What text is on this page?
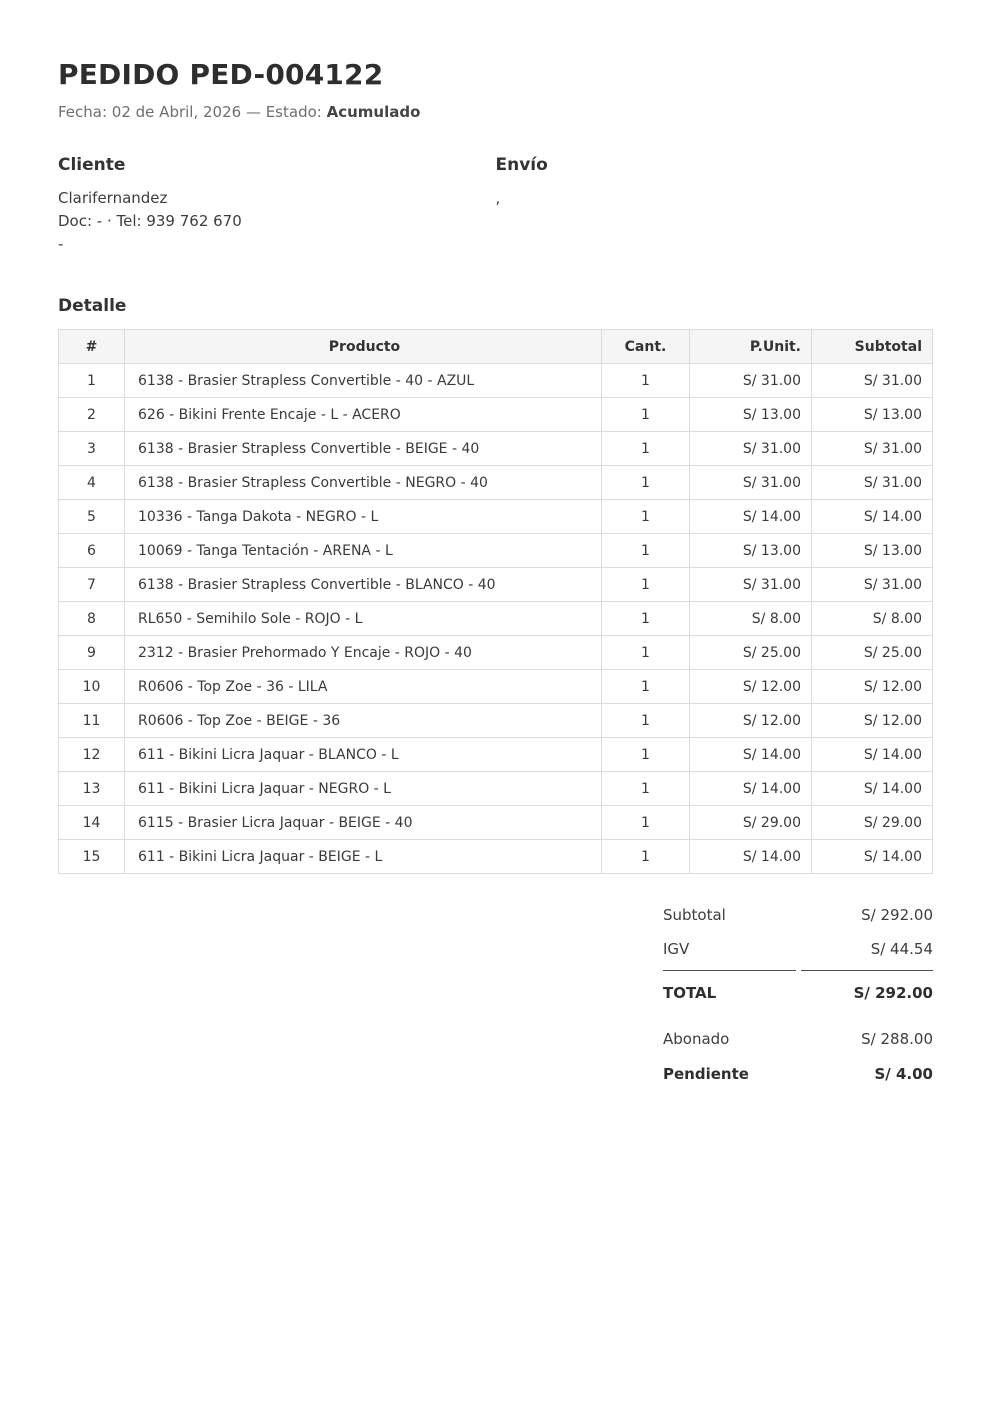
PEDIDO PED-004122
Fecha: 02 de Abril, 2026 — Estado: Acumulado
Cliente
Clarifernandez
Doc: - · Tel: 939 762 670
-
Envío
,
Detalle
#	Producto	Cant.	P.Unit.	Subtotal
1	6138 - Brasier Strapless Convertible - 40 - AZUL	1	S/ 31.00	S/ 31.00
2	626 - Bikini Frente Encaje - L - ACERO	1	S/ 13.00	S/ 13.00
3	6138 - Brasier Strapless Convertible - BEIGE - 40	1	S/ 31.00	S/ 31.00
4	6138 - Brasier Strapless Convertible - NEGRO - 40	1	S/ 31.00	S/ 31.00
5	10336 - Tanga Dakota - NEGRO - L	1	S/ 14.00	S/ 14.00
6	10069 - Tanga Tentación - ARENA - L	1	S/ 13.00	S/ 13.00
7	6138 - Brasier Strapless Convertible - BLANCO - 40	1	S/ 31.00	S/ 31.00
8	RL650 - Semihilo Sole - ROJO - L	1	S/ 8.00	S/ 8.00
9	2312 - Brasier Prehormado Y Encaje - ROJO - 40	1	S/ 25.00	S/ 25.00
10	R0606 - Top Zoe - 36 - LILA	1	S/ 12.00	S/ 12.00
11	R0606 - Top Zoe - BEIGE - 36	1	S/ 12.00	S/ 12.00
12	611 - Bikini Licra Jaquar - BLANCO - L	1	S/ 14.00	S/ 14.00
13	611 - Bikini Licra Jaquar - NEGRO - L	1	S/ 14.00	S/ 14.00
14	6115 - Brasier Licra Jaquar - BEIGE - 40	1	S/ 29.00	S/ 29.00
15	611 - Bikini Licra Jaquar - BEIGE - L	1	S/ 14.00	S/ 14.00
Subtotal	S/ 292.00
IGV	S/ 44.54
TOTAL	S/ 292.00
Abonado	S/ 288.00
Pendiente	S/ 4.00
